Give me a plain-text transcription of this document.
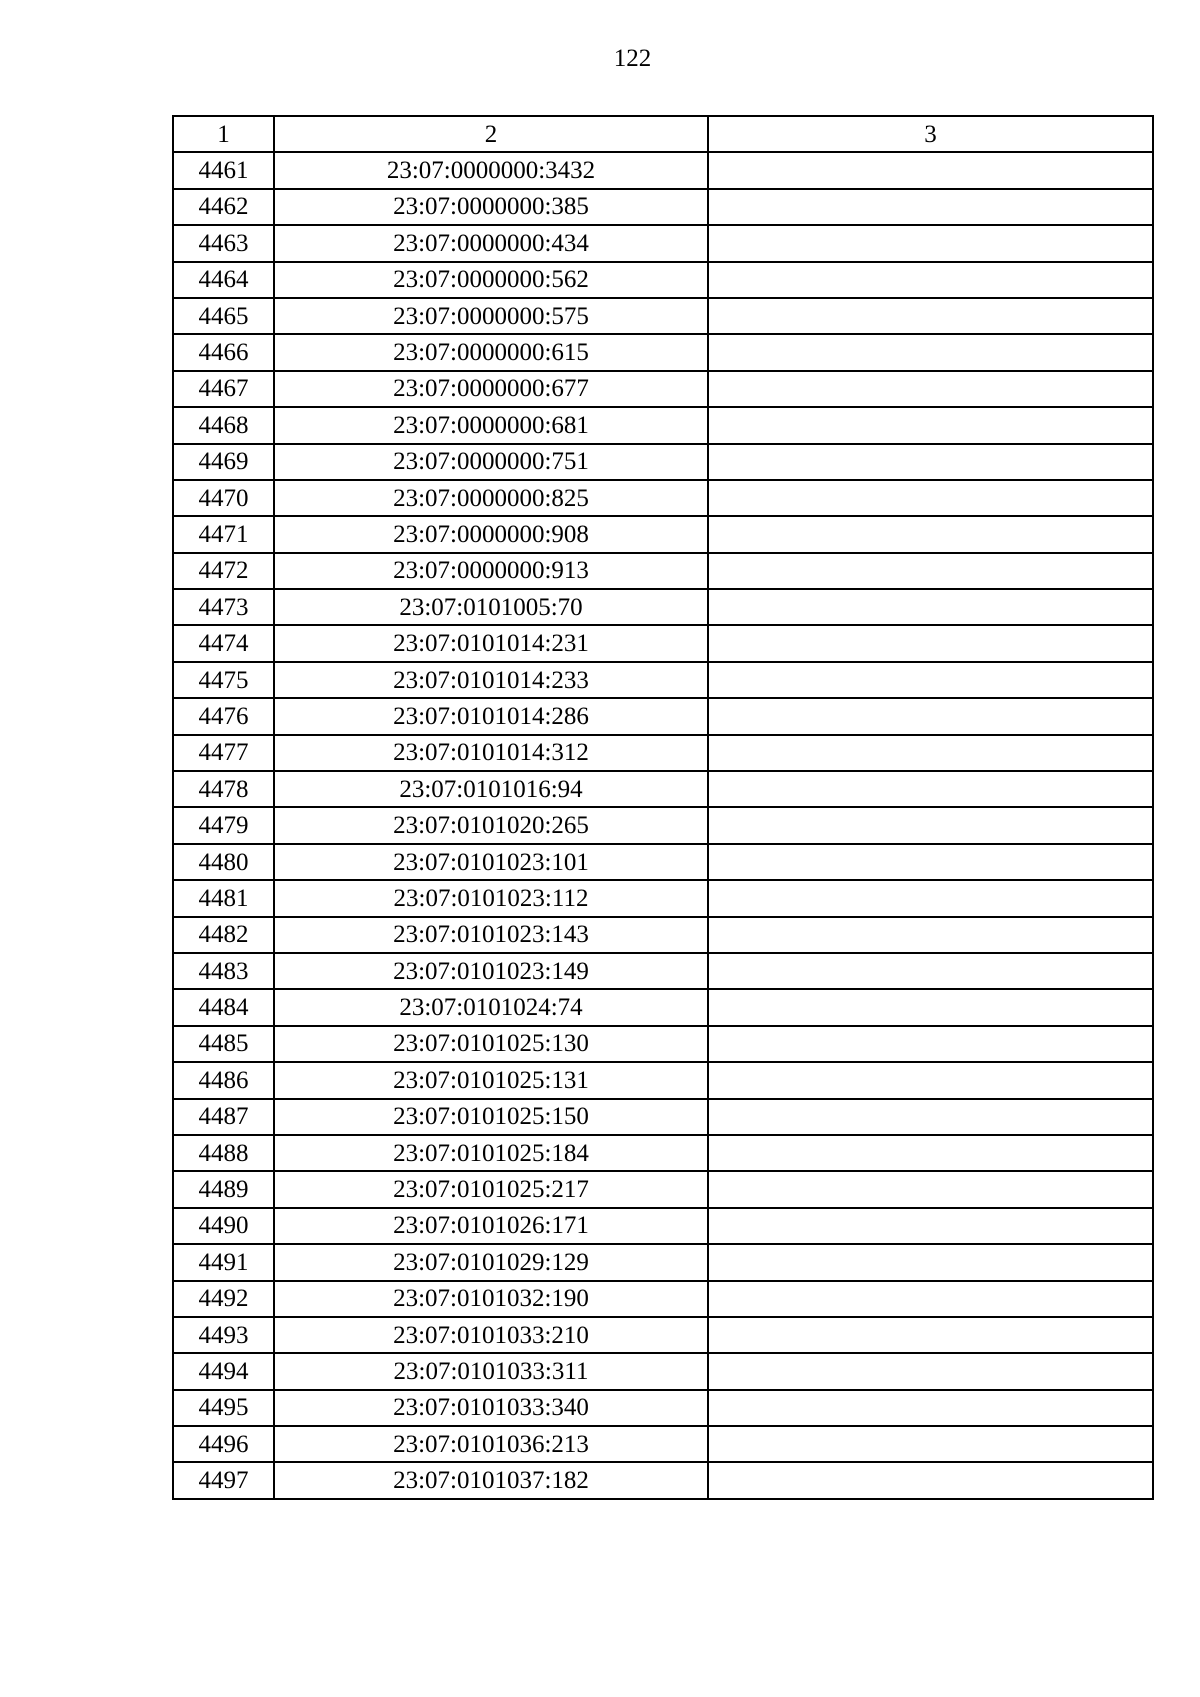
122
1	2	3
4461	23:07:0000000:3432	
4462	23:07:0000000:385	
4463	23:07:0000000:434	
4464	23:07:0000000:562	
4465	23:07:0000000:575	
4466	23:07:0000000:615	
4467	23:07:0000000:677	
4468	23:07:0000000:681	
4469	23:07:0000000:751	
4470	23:07:0000000:825	
4471	23:07:0000000:908	
4472	23:07:0000000:913	
4473	23:07:0101005:70	
4474	23:07:0101014:231	
4475	23:07:0101014:233	
4476	23:07:0101014:286	
4477	23:07:0101014:312	
4478	23:07:0101016:94	
4479	23:07:0101020:265	
4480	23:07:0101023:101	
4481	23:07:0101023:112	
4482	23:07:0101023:143	
4483	23:07:0101023:149	
4484	23:07:0101024:74	
4485	23:07:0101025:130	
4486	23:07:0101025:131	
4487	23:07:0101025:150	
4488	23:07:0101025:184	
4489	23:07:0101025:217	
4490	23:07:0101026:171	
4491	23:07:0101029:129	
4492	23:07:0101032:190	
4493	23:07:0101033:210	
4494	23:07:0101033:311	
4495	23:07:0101033:340	
4496	23:07:0101036:213	
4497	23:07:0101037:182	
